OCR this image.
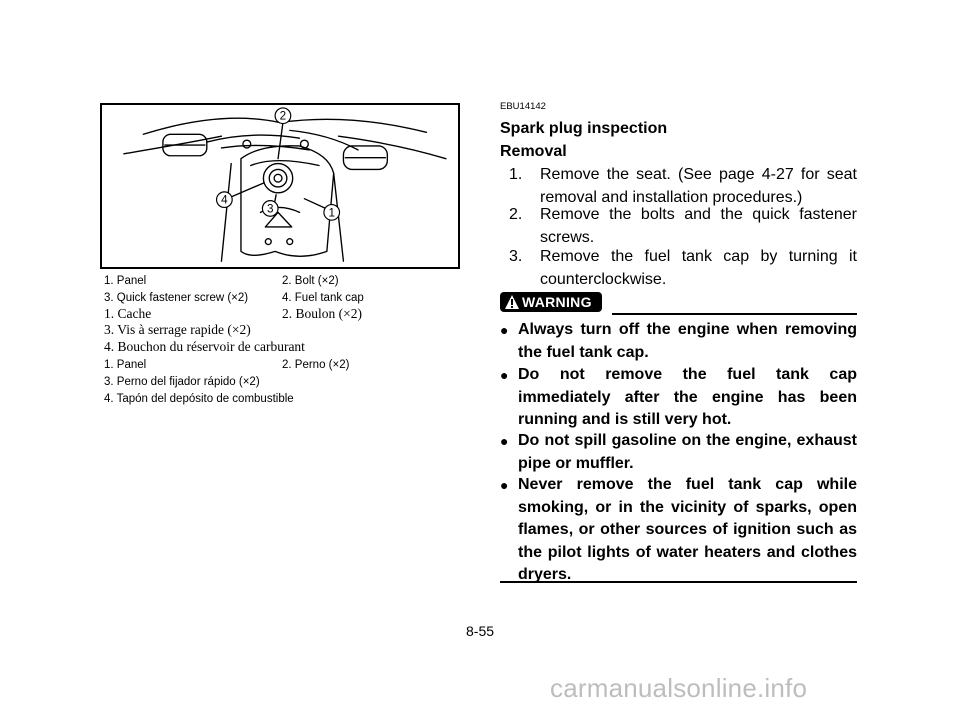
2
4
3	1
1. Panel	2. Bolt (×2)
3. Quick fastener screw (×2)	4. Fuel tank cap
1. Cache	2. Boulon (×2)
3. Vis à serrage rapide (×2)
4. Bouchon du réservoir de carburant
1. Panel	2. Perno (×2)
3. Perno del fijador rápido (×2)
4. Tapón del depósito de combustible
EBU14142
Spark plug inspection
Removal
1. Remove the seat. (See page 4-27 for seat removal and installation procedures.)
2. Remove the bolts and the quick fastener screws.
3. Remove the fuel tank cap by turning it counterclockwise.
WARNING
● Always turn off the engine when removing the fuel tank cap.
● Do not remove the fuel tank cap immediately after the engine has been running and is still very hot.
● Do not spill gasoline on the engine, exhaust pipe or muffler.
● Never remove the fuel tank cap while smoking, or in the vicinity of sparks, open flames, or other sources of ignition such as the pilot lights of water heaters and clothes dryers.
8-55
carmanualsonline.info
